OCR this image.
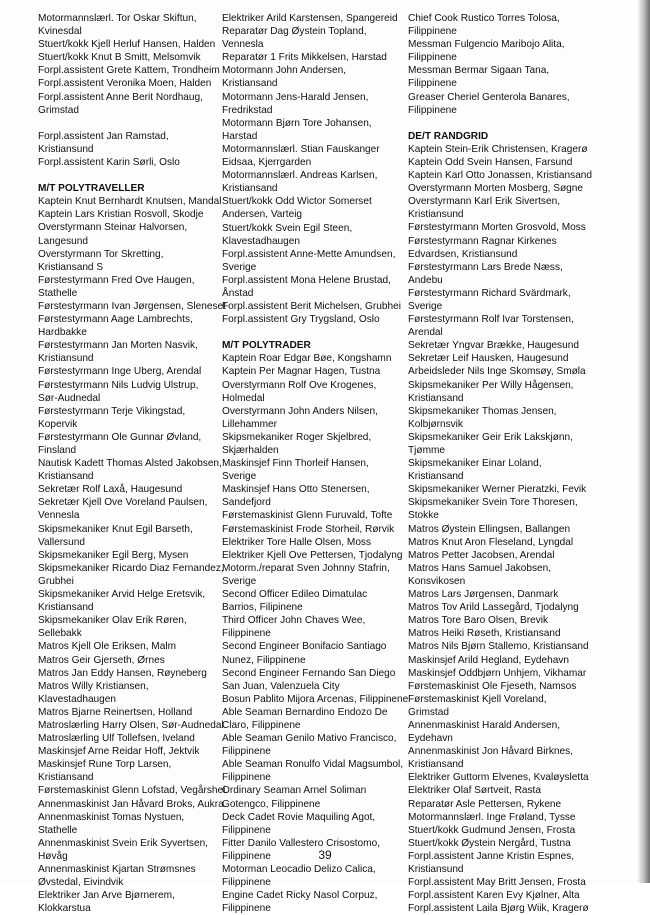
Motormannslærl. Tor Oskar Skiftun,
Kvinesdal
Stuert/kokk Kjell Herluf Hansen, Halden
Stuert/kokk Knut B Smitt, Melsomvik
Forpl.assistent Grete Kattem, Trondheim
Forpl.assistent Veronika Moen, Halden
Forpl.assistent Anne Berit Nordhaug,
Grimstad
Forpl.assistent Jan Ramstad,
Kristiansund
Forpl.assistent Karin Sørli, Oslo
M/T POLYTRAVELLER
Kaptein Knut Bernhardt Knutsen, Mandal
Kaptein Lars Kristian Rosvoll, Skodje
Overstyrmann Steinar Halvorsen,
Langesund
Overstyrmann Tor Skretting,
Kristiansand S
Førstestyrmann Fred Ove Haugen,
Stathelle
Førstestyrmann Ivan Jørgensen, Sleneset
Førstestyrmann Aage Lambrechts,
Hardbakke
Førstestyrmann Jan Morten Nasvik,
Kristiansund
Førstestyrmann Inge Uberg, Arendal
Førstestyrmann Nils Ludvig Ulstrup,
Sør-Audnedal
Førstestyrmann Terje Vikingstad,
Kopervik
Førstestyrmann Ole Gunnar Øvland,
Finsland
Nautisk Kadett Thomas Alsted Jakobsen,
Kristiansand
Sekretær Rolf Laxå, Haugesund
Sekretær Kjell Ove Voreland Paulsen,
Vennesla
Skipsmekaniker Knut Egil Barseth,
Vallersund
Skipsmekaniker Egil Berg, Mysen
Skipsmekaniker Ricardo Diaz Fernandez,
Grubhei
Skipsmekaniker Arvid Helge Eretsvik,
Kristiansand
Skipsmekaniker Olav Erik Røren,
Sellebakk
Matros Kjell Ole Eriksen, Malm
Matros Geir Gjerseth, Ørnes
Matros Jan Eddy Hansen, Røyneberg
Matros Willy Kristiansen,
Klavestadhaugen
Matros Bjarne Reinertsen, Holland
Matroslærling Harry Olsen, Sør-Audnedal
Matroslærling Ulf Tollefsen, Iveland
Maskinsjef Arne Reidar Hoff, Jektvik
Maskinsjef Rune Torp Larsen,
Kristiansand
Førstemaskinist Glenn Lofstad, Vegårshei
Annenmaskinist Jan Håvard Broks, Aukra
Annenmaskinist Tomas Nystuen,
Stathelle
Annenmaskinist Svein Erik Syvertsen,
Høvåg
Annenmaskinist Kjartan Strømsnes
Øvstedal, Eivindvik
Elektriker Jan Arve Bjørnerem,
Klokkarstua
Elektriker Arild Karstensen, Spangereid
Reparatør Dag Øystein Topland,
Vennesla
Reparatør 1 Frits Mikkelsen, Harstad
Motormann John Andersen,
Kristiansand
Motormann Jens-Harald Jensen,
Fredrikstad
Motormann Bjørn Tore Johansen,
Harstad
Motormannslærl. Stian Fauskanger
Eidsaa, Kjerrgarden
Motormannslærl. Andreas Karlsen,
Kristiansand
Stuert/kokk Odd Wictor Somerset
Andersen, Varteig
Stuert/kokk Svein Egil Steen,
Klavestadhaugen
Forpl.assistent Anne-Mette Amundsen,
Sverige
Forpl.assistent Mona Helene Brustad,
Ånstad
Forpl.assistent Berit Michelsen, Grubhei
Forpl.assistent Gry Trygsland, Oslo
M/T POLYTRADER
Kaptein Roar Edgar Bøe, Kongshamn
Kaptein Per Magnar Hagen, Tustna
Overstyrmann Rolf Ove Krogenes,
Holmedal
Overstyrmann John Anders Nilsen,
Lillehammer
Skipsmekaniker Roger Skjelbred,
Skjærhalden
Maskinsjef Finn Thorleif Hansen,
Sverige
Maskinsjef Hans Otto Stenersen,
Sandefjord
Førstemaskinist Glenn Furuvald, Tofte
Førstemaskinist Frode Storheil, Rørvik
Elektriker Tore Halle Olsen, Moss
Elektriker Kjell Ove Pettersen, Tjodalyng
Motorm./reparat Sven Johnny Stafrin,
Sverige
Second Officer Edileo Dimatulac
Barrios, Filipinene
Third Officer John Chaves Wee,
Filippinene
Second Engineer Bonifacio Santiago
Nunez, Filippinene
Second Engineer Fernando San Diego
San Juan, Valenzuela City
Bosun Pablito Mijora Arcenas, Filippinene
Able Seaman Bernardino Endozo De
Claro, Filippinene
Able Seaman Genilo Mativo Francisco,
Filippinene
Able Seaman Ronulfo Vidal Magsumbol,
Filippinene
Ordinary Seaman Arnel Soliman
Gotengco, Filippinene
Deck Cadet Rovie Maquiling Agot,
Filippinene
Fitter Danilo Vallestero Crisostomo,
Filippinene
Motorman Leocadio Delizo Calica,
Filippinene
Engine Cadet Ricky Nasol Corpuz,
Filippinene
Chief Cook Rustico Torres Tolosa,
Filippinene
Messman Fulgencio Maribojo Alita,
Filippinene
Messman Bermar Sigaan Tana,
Filippinene
Greaser Cheriel Genterola Banares,
Filippinene
DE/T RANDGRID
Kaptein Stein-Erik Christensen, Kragerø
Kaptein Odd Svein Hansen, Farsund
Kaptein Karl Otto Jonassen, Kristiansand
Overstyrmann Morten Mosberg, Søgne
Overstyrmann Karl Erik Sivertsen,
Kristiansund
Førstestyrmann Morten Grosvold, Moss
Førstestyrmann Ragnar Kirkenes
Edvardsen, Kristiansund
Førstestyrmann Lars Brede Næss,
Andebu
Førstestyrmann Richard Svärdmark,
Sverige
Førstestyrmann Rolf Ivar Torstensen,
Arendal
Sekretær Yngvar Brække, Haugesund
Sekretær Leif Hausken, Haugesund
Arbeidsleder Nils Inge Skomsøy, Smøla
Skipsmekaniker Per Willy Hågensen,
Kristiansand
Skipsmekaniker Thomas Jensen,
Kolbjørnsvik
Skipsmekaniker Geir Erik Lakskjønn,
Tjømme
Skipsmekaniker Einar Loland,
Kristiansand
Skipsmekaniker Werner Pieratzki, Fevik
Skipsmekaniker Svein Tore Thoresen,
Stokke
Matros Øystein Ellingsen, Ballangen
Matros Knut Aron Fleseland, Lyngdal
Matros Petter Jacobsen, Arendal
Matros Hans Samuel Jakobsen,
Konsvikosen
Matros Lars Jørgensen, Danmark
Matros Tov Arild Lassegård, Tjodalyng
Matros Tore Baro Olsen, Brevik
Matros Heiki Røseth, Kristiansand
Matros Nils Bjørn Stallemo, Kristiansand
Maskinsjef Arild Hegland, Eydehavn
Maskinsjef Oddbjørn Unhjem, Vikhamar
Førstemaskinist Ole Fjeseth, Namsos
Førstemaskinist Kjell Voreland,
Grimstad
Annenmaskinist Harald Andersen,
Eydehavn
Annenmaskinist Jon Håvard Birknes,
Kristiansand
Elektriker Guttorm Elvenes, Kvaløysletta
Elektriker Olaf Sørtveit, Rasta
Reparatør Asle Pettersen, Rykene
Motormannslærl. Inge Frøland, Tysse
Stuert/kokk Gudmund Jensen, Frosta
Stuert/kokk Øystein Nergård, Tustna
Forpl.assistent Janne Kristin Espnes,
Kristiansund
Forpl.assistent May Britt Jensen, Frosta
Forpl.assistent Karen Evy Kjølner, Alta
Forpl.assistent Laila Bjørg Wiik, Kragerø
39
